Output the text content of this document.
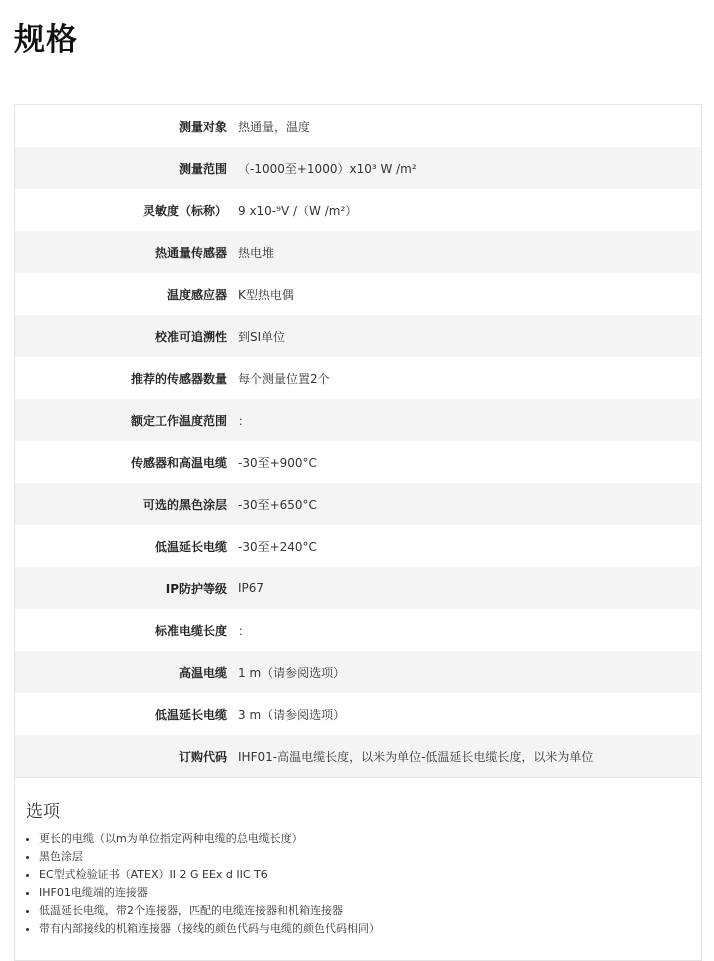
规格
测量对象 热通量，温度
测量范围 （-1000至+1000）x10³ W /m²
灵敏度（标称） 9 x10-⁹V /（W /m²）
热通量传感器 热电堆
温度感应器 K型热电偶
校准可追溯性 到SI单位
推荐的传感器数量 每个测量位置2个
额定工作温度范围 ：
传感器和高温电缆 -30至+900°C
可选的黑色涂层 -30至+650°C
低温延长电缆 -30至+240°C
IP防护等级 IP67
标准电缆长度 ：
高温电缆 1 m（请参阅选项）
低温延长电缆 3 m（请参阅选项）
订购代码 IHF01-高温电缆长度，以米为单位-低温延长电缆长度，以米为单位
选项
• 更长的电缆（以m为单位指定两种电缆的总电缆长度）
• 黑色涂层
• EC型式检验证书（ATEX）II 2 G EEx d IIC T6
• IHF01电缆端的连接器
• 低温延长电缆，带2个连接器，匹配的电缆连接器和机箱连接器
• 带有内部接线的机箱连接器（接线的颜色代码与电缆的颜色代码相同）
